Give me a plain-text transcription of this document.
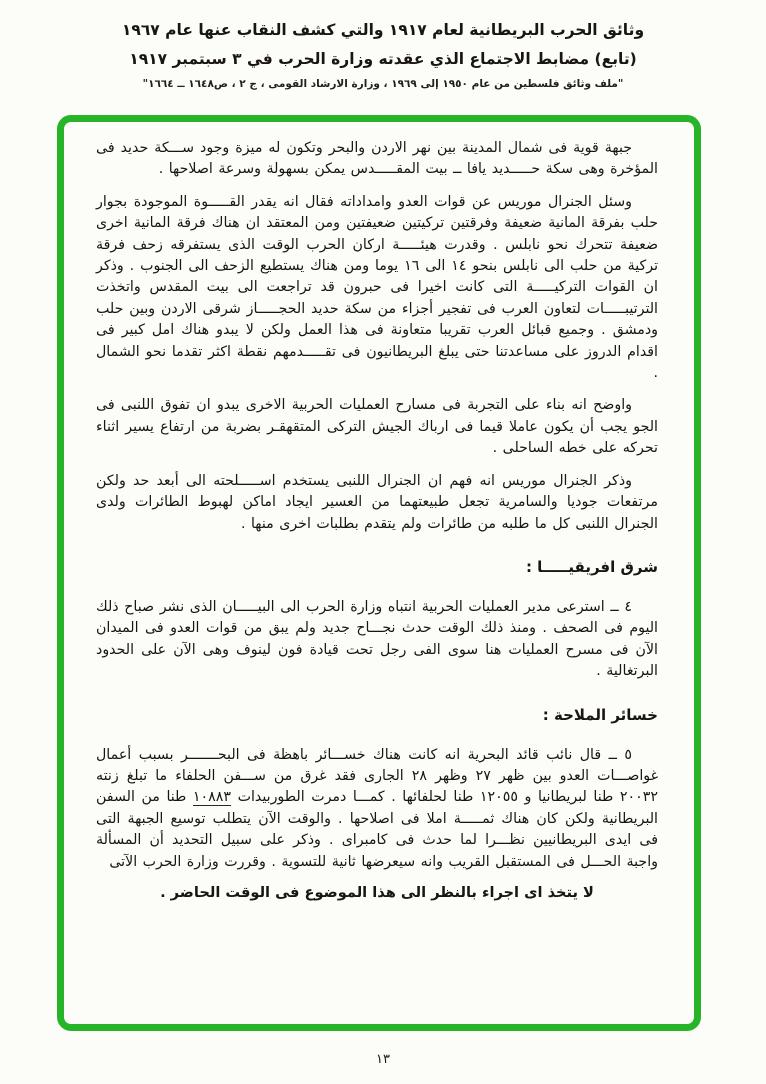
وثائق الحرب البريطانية لعام ١٩١٧ والتي كشف النقاب عنها عام ١٩٦٧
(تابع) مضابط الاجتماع الذي عقدته وزارة الحرب في ٣ سبتمبر ١٩١٧
"ملف وثائق فلسطين من عام ١٩٥٠ إلى ١٩٦٩ ، وزارة الارشاد القومى ، ج ٢ ، ص١٦٤٨ ــ ١٦٦٤"

جبهة قوية فى شمال المدينة بين نهر الاردن والبحر وتكون له ميزة وجود ســـكة حديد فى المؤخرة وهى سكة حـــــديد يافا ــ بيت المقـــــدس يمكن بسهولة وسرعة اصلاحها .

وسئل الجنرال موريس عن قوات العدو وامداداته فقال انه يقدر القـــــوة الموجودة بجوار حلب بفرقة المانية ضعيفة وفرقتين تركيتين ضعيفتين ومن المعتقد ان هناك فرقة المانية اخرى ضعيفة تتحرك نحو نابلس . وقدرت هيئـــــة اركان الحرب الوقت الذى يستفرقه زحف فرقة تركية من حلب الى نابلس بنحو ١٤ الى ١٦ يوما ومن هناك يستطيع الزحف الى الجنوب . وذكر ان القوات التركيـــــة التى كانت اخيرا فى حبرون قد تراجعت الى بيت المقدس واتخذت الترتيبـــــات لتعاون العرب فى تفجير أجزاء من سكة حديد الحجـــــاز شرقى الاردن وبين حلب ودمشق . وجميع قبائل العرب تقريبا متعاونة فى هذا العمل ولكن لا يبدو هناك امل كبير فى اقدام الدروز على مساعدتنا حتى يبلغ البريطانيون فى تقـــــدمهم نقطة اكثر تقدما نحو الشمال .

واوضح انه بناء على التجربة فى مسارح العمليات الحربية الاخرى يبدو ان تفوق اللنبى فى الجو يجب أن يكون عاملا قيما فى ارباك الجيش التركى المتقهقـر بضربة من ارتفاع يسير اثناء تحركه على خطه الساحلى .

وذكر الجنرال موريس انه فهم ان الجنرال اللنبى يستخدم اســـــلحته الى أبعد حد ولكن مرتفعات جوديا والسامرية تجعل طبيعتهما من العسير ايجاد اماكن لهبوط الطائرات ولدى الجنرال اللنبى كل ما طلبه من طائرات ولم يتقدم بطلبات اخرى منها .

شرق افريقيـــــا :

٤ ــ استرعى مدير العمليات الحربية انتباه وزارة الحرب الى البيـــــان الذى نشر صباح ذلك اليوم فى الصحف . ومنذ ذلك الوقت حدث نجـــاح جديد ولم يبق من قوات العدو فى الميدان الآن فى مسرح العمليات هنا سوى الفى رجل تحت قيادة فون لينوف وهى الآن على الحدود البرتغالية .

خسائر الملاحة :

٥ ــ قال نائب قائد البحرية انه كانت هناك خســـائر باهظة فى البحـــــــر بسبب أعمال غواصـــات العدو بين ظهر ٢٧ وظهر ٢٨ الجارى فقد غرق من ســـفن الحلفاء ما تبلغ زنته ٢٠٠٣٢ طنا لبريطانيا و ١٢٠٥٥ طنا لحلفائها . كمـــا دمرت الطوربيدات ١٠٨٨٣ طنا من السفن البريطانية ولكن كان هناك ثمـــــة املا فى اصلاحها . والوقت الآن يتطلب توسيع الجبهة التى فى ايدى البريطانيين نظـــرا لما حدث فى كامبراى . وذكر على سبيل التحديد أن المسألة واجبة الحـــل فى المستقبل القريب وانه سيعرضها ثانية للتسوية . وقررت وزارة الحرب الآتى

لا يتخذ اى اجراء بالنظر الى هذا الموضوع فى الوقت الحاضر .
١٣
